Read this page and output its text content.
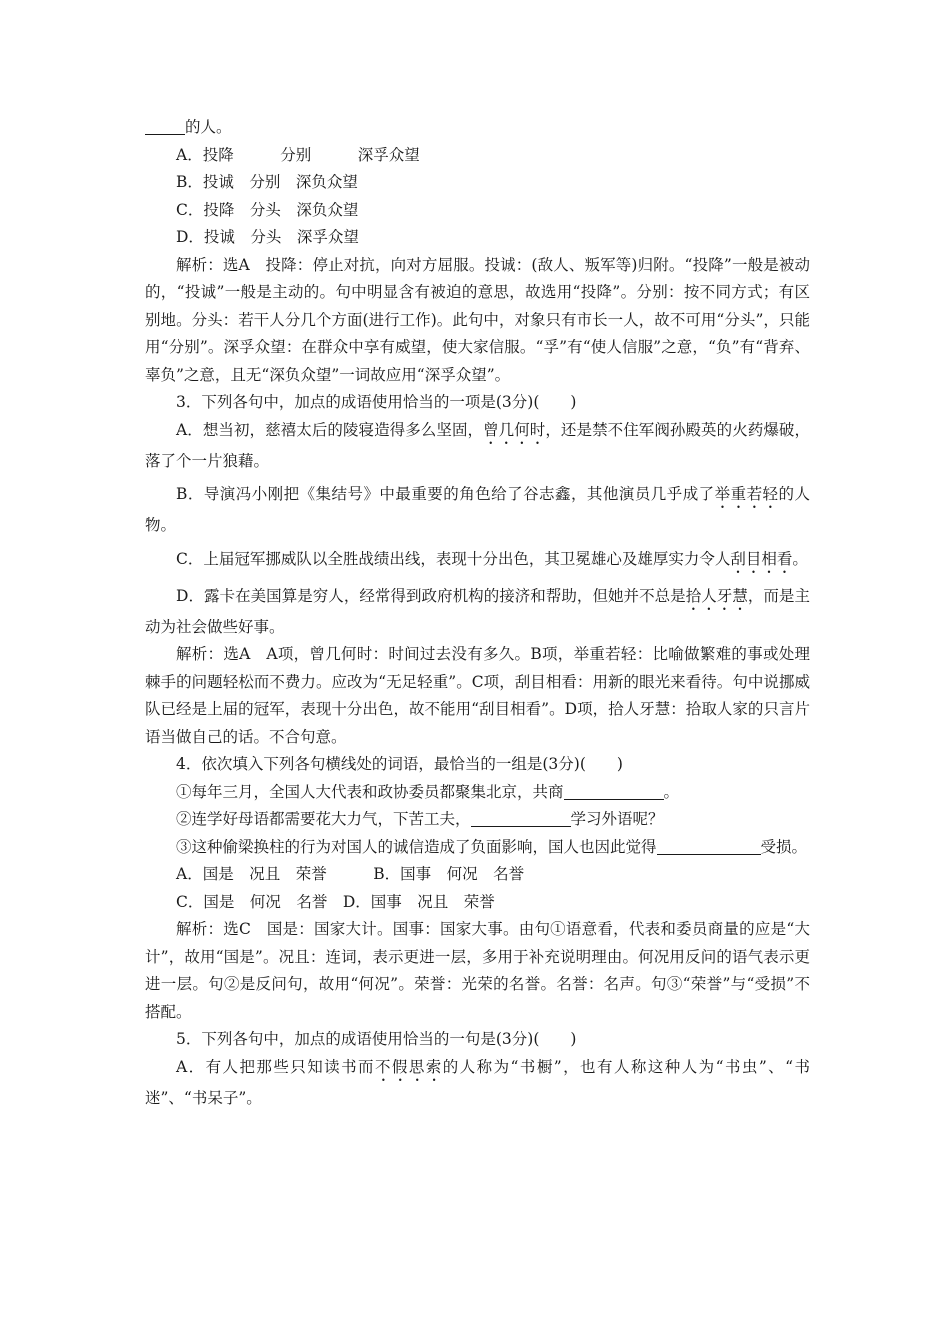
的人。

A．投降　　　分别　　　深孚众望

B．投诚　分别　深负众望

C．投降　分头　深负众望

D．投诚　分头　深孚众望

解析：选A　投降：停止对抗，向对方屈服。投诚：(敌人、叛军等)归附。“投降”一般是被动的，“投诚”一般是主动的。句中明显含有被迫的意思，故选用“投降”。分别：按不同方式；有区别地。分头：若干人分几个方面(进行工作)。此句中，对象只有市长一人，故不可用“分头”，只能用“分别”。深孚众望：在群众中享有威望，使大家信服。“孚”有“使人信服”之意，“负”有“背弃、辜负”之意，且无“深负众望”一词故应用“深孚众望”。

3．下列各句中，加点的成语使用恰当的一项是(3分)(　　)

A．想当初，慈禧太后的陵寝造得多么坚固，曾几何时，还是禁不住军阀孙殿英的火药爆破，落了个一片狼藉。

B．导演冯小刚把《集结号》中最重要的角色给了谷志鑫，其他演员几乎成了举重若轻的人物。

C．上届冠军挪威队以全胜战绩出线，表现十分出色，其卫冕雄心及雄厚实力令人刮目相看。

D．露卡在美国算是穷人，经常得到政府机构的接济和帮助，但她并不总是拾人牙慧，而是主动为社会做些好事。

解析：选A　A项，曾几何时：时间过去没有多久。B项，举重若轻：比喻做繁难的事或处理棘手的问题轻松而不费力。应改为“无足轻重”。C项，刮目相看：用新的眼光来看待。句中说挪威队已经是上届的冠军，表现十分出色，故不能用“刮目相看”。D项，拾人牙慧：拾取人家的只言片语当做自己的话。不合句意。

4．依次填入下列各句横线处的词语，最恰当的一组是(3分)(　　)

①每年三月，全国人大代表和政协委员都聚集北京，共商	。

②连学好母语都需要花大力气，下苦工夫，	学习外语呢？

③这种偷梁换柱的行为对国人的诚信造成了负面影响，国人也因此觉得	受损。

A．国是　况且　荣誉　　　B．国事　何况　名誉

C．国是　何况　名誉　D．国事　况且　荣誉

解析：选C　国是：国家大计。国事：国家大事。由句①语意看，代表和委员商量的应是“大计”，故用“国是”。况且：连词，表示更进一层，多用于补充说明理由。何况用反问的语气表示更进一层。句②是反问句，故用“何况”。荣誉：光荣的名誉。名誉：名声。句③“荣誉”与“受损”不搭配。

5．下列各句中，加点的成语使用恰当的一句是(3分)(　　)

A．有人把那些只知读书而不假思索的人称为“书橱”，也有人称这种人为“书虫”、“书迷”、“书呆子”。
